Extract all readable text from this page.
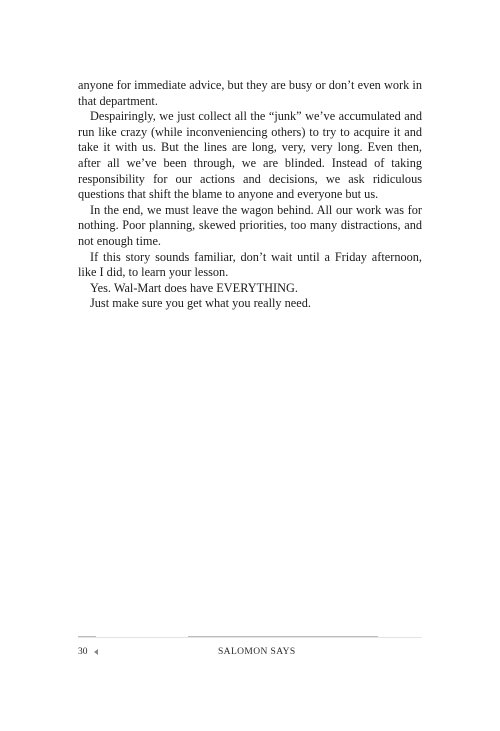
anyone for immediate advice, but they are busy or don’t even work in that department.

Despairingly, we just collect all the “junk” we’ve accumulated and run like crazy (while inconveniencing others) to try to acquire it and take it with us. But the lines are long, very, very long. Even then, after all we’ve been through, we are blinded. Instead of taking responsibility for our actions and decisions, we ask ridiculous questions that shift the blame to anyone and everyone but us.

In the end, we must leave the wagon behind. All our work was for nothing. Poor planning, skewed priorities, too many distractions, and not enough time.

If this story sounds familiar, don’t wait until a Friday afternoon, like I did, to learn your lesson.

Yes. Wal-Mart does have EVERYTHING.

Just make sure you get what you really need.

30	SALOMON SAYS
